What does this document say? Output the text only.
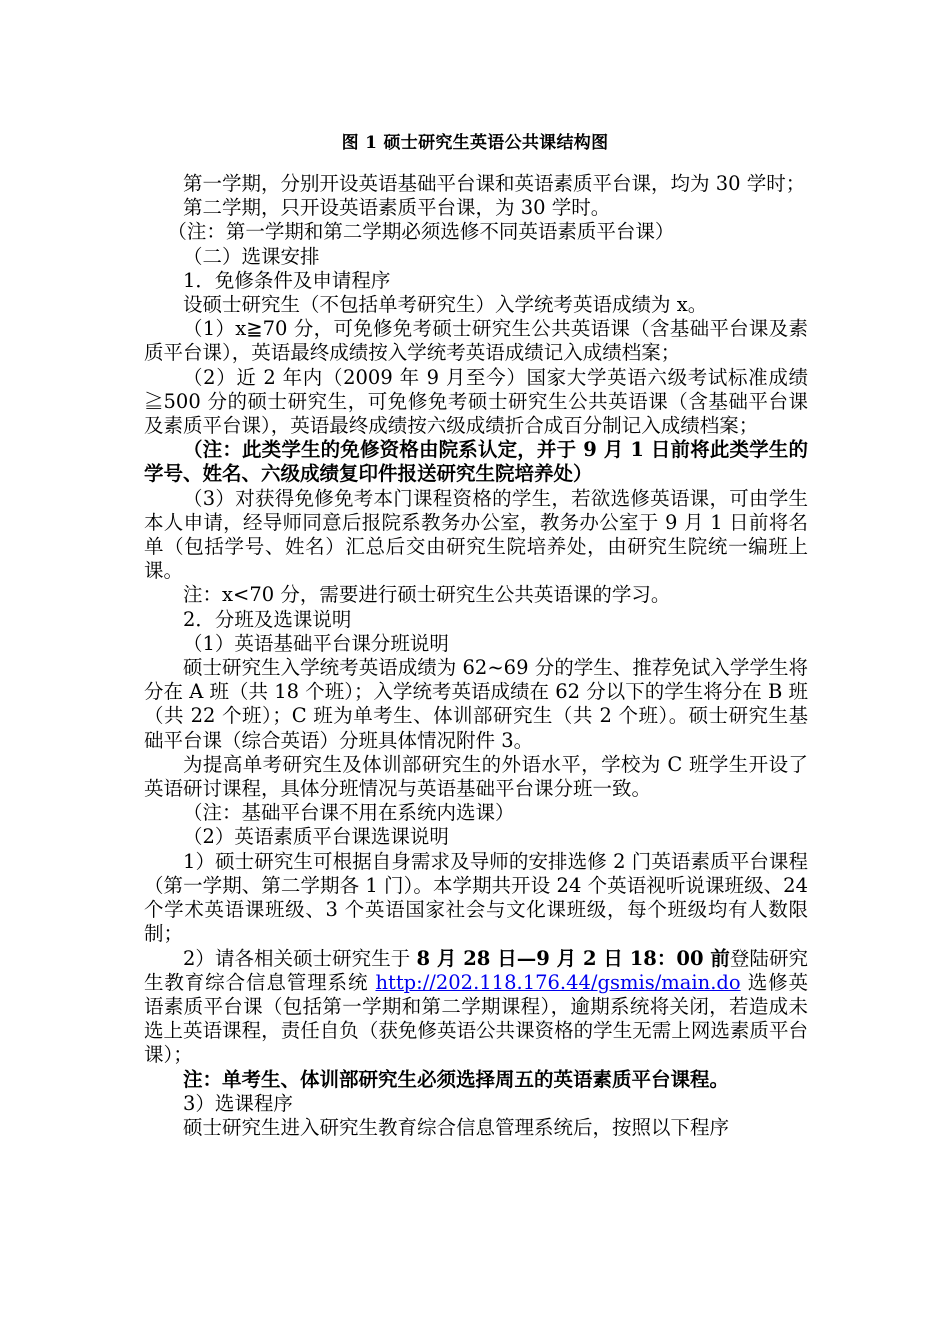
图 1 硕士研究生英语公共课结构图

第一学期，分别开设英语基础平台课和英语素质平台课，均为 30 学时；

第二学期，只开设英语素质平台课，为 30 学时。

（注：第一学期和第二学期必须选修不同英语素质平台课）

（二）选课安排

1．免修条件及申请程序

设硕士研究生（不包括单考研究生）入学统考英语成绩为 x。

（1）x≧70 分，可免修免考硕士研究生公共英语课（含基础平台课及素质平台课），英语最终成绩按入学统考英语成绩记入成绩档案；

（2）近 2 年内（2009 年 9 月至今）国家大学英语六级考试标准成绩≧500 分的硕士研究生，可免修免考硕士研究生公共英语课（含基础平台课及素质平台课），英语最终成绩按六级成绩折合成百分制记入成绩档案；

（注：此类学生的免修资格由院系认定，并于 9 月 1 日前将此类学生的学号、姓名、六级成绩复印件报送研究生院培养处）

（3）对获得免修免考本门课程资格的学生，若欲选修英语课，可由学生本人申请，经导师同意后报院系教务办公室，教务办公室于 9 月 1 日前将名单（包括学号、姓名）汇总后交由研究生院培养处，由研究生院统一编班上课。

注：x<70 分，需要进行硕士研究生公共英语课的学习。

2．分班及选课说明

（1）英语基础平台课分班说明

硕士研究生入学统考英语成绩为 62~69 分的学生、推荐免试入学学生将分在 A 班（共 18 个班）；入学统考英语成绩在 62 分以下的学生将分在 B 班（共 22 个班）；C 班为单考生、体训部研究生（共 2 个班）。硕士研究生基础平台课（综合英语）分班具体情况附件 3。

为提高单考研究生及体训部研究生的外语水平，学校为 C 班学生开设了英语研讨课程，具体分班情况与英语基础平台课分班一致。

（注：基础平台课不用在系统内选课）

（2）英语素质平台课选课说明

1）硕士研究生可根据自身需求及导师的安排选修 2 门英语素质平台课程（第一学期、第二学期各 1 门）。本学期共开设 24 个英语视听说课班级、24 个学术英语课班级、3 个英语国家社会与文化课班级，每个班级均有人数限制；

2）请各相关硕士研究生于 8 月 28 日—9 月 2 日 18：00 前登陆研究生教育综合信息管理系统 http://202.118.176.44/gsmis/main.do 选修英语素质平台课（包括第一学期和第二学期课程），逾期系统将关闭，若造成未选上英语课程，责任自负（获免修英语公共课资格的学生无需上网选素质平台课）；

注：单考生、体训部研究生必须选择周五的英语素质平台课程。

3）选课程序

硕士研究生进入研究生教育综合信息管理系统后，按照以下程序
